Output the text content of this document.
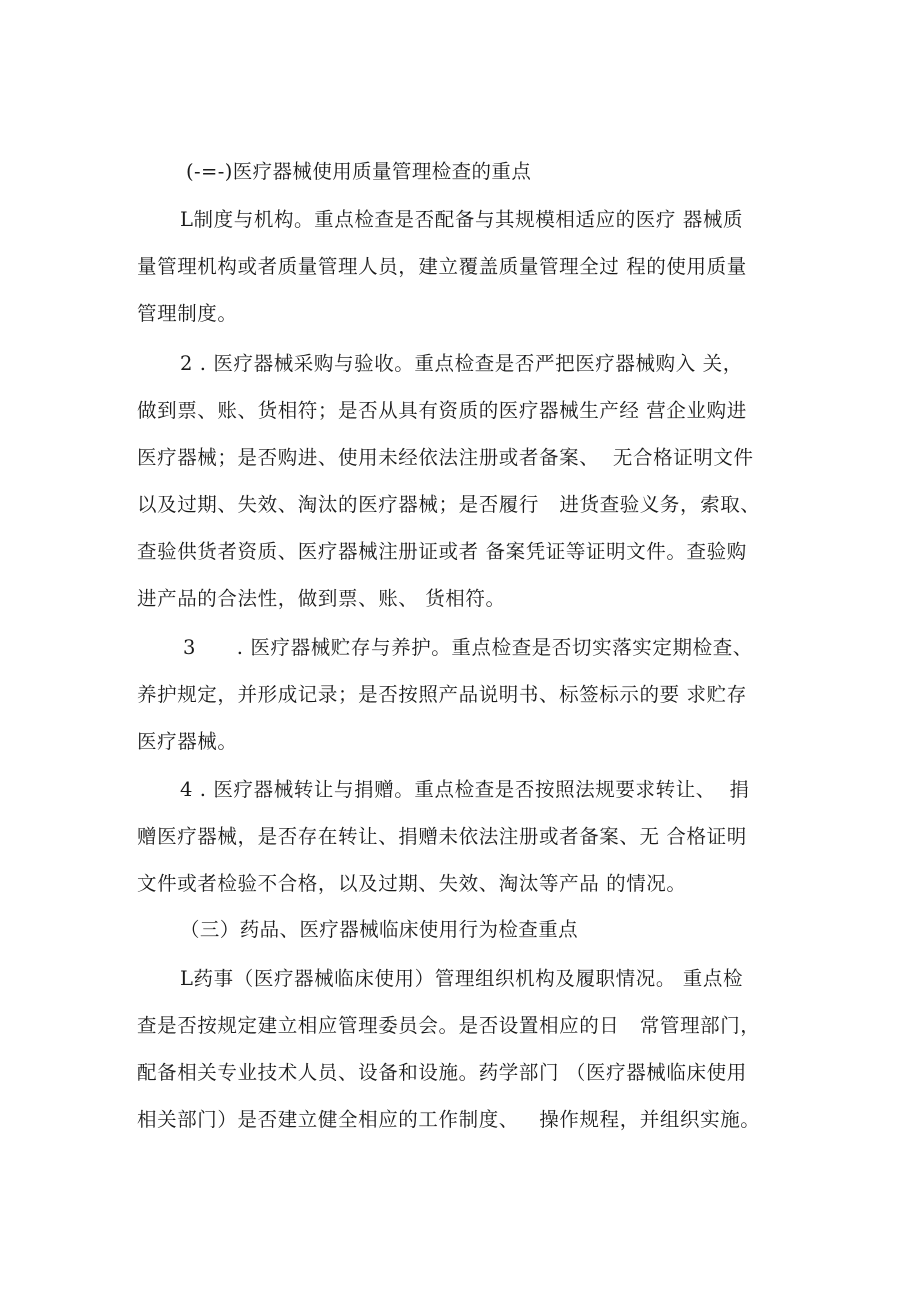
(-=-)医疗器械使用质量管理检查的重点
L制度与机构。重点检查是否配备与其规模相适应的医疗 器械质
量管理机构或者质量管理人员，建立覆盖质量管理全过 程的使用质量
管理制度。
2 . 医疗器械采购与验收。重点检查是否严把医疗器械购入 关，
做到票、账、货相符；是否从具有资质的医疗器械生产经 营企业购进
医疗器械；是否购进、使用未经依法注册或者备案、  无合格证明文件
以及过期、失效、淘汰的医疗器械；是否履行   进货查验义务，索取、
查验供货者资质、医疗器械注册证或者 备案凭证等证明文件。查验购
进产品的合法性，做到票、账、 货相符。
3      . 医疗器械贮存与养护。重点检查是否切实落实定期检查、
养护规定，并形成记录；是否按照产品说明书、标签标示的要 求贮存
医疗器械。
4 . 医疗器械转让与捐赠。重点检查是否按照法规要求转让、  捐
赠医疗器械，是否存在转让、捐赠未依法注册或者备案、无 合格证明
文件或者检验不合格，以及过期、失效、淘汰等产品 的情况。
（三）药品、医疗器械临床使用行为检查重点
L药事（医疗器械临床使用）管理组织机构及履职情况。 重点检
查是否按规定建立相应管理委员会。是否设置相应的日   常管理部门，
配备相关专业技术人员、设备和设施。药学部门 （医疗器械临床使用
相关部门）是否建立健全相应的工作制度、   操作规程，并组织实施。
